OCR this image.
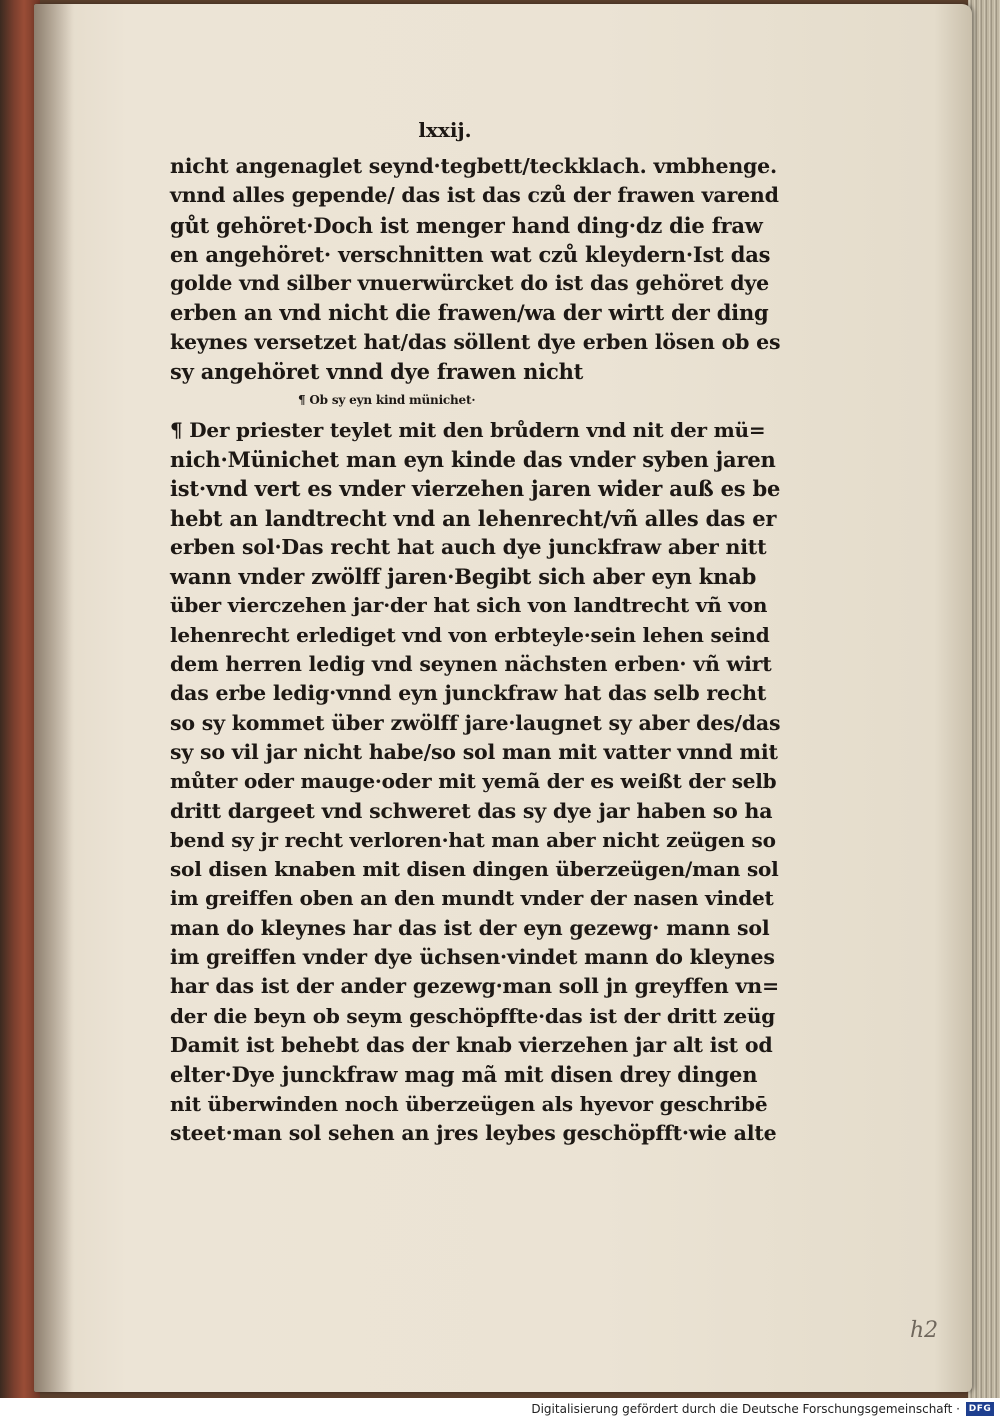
lxxij.
nicht angenaglet seynd·tegbett/teckklach. vmbhenge.
vnnd alles gepende/ das ist das czů der frawen varend
gůt gehöret·Doch ist menger hand ding·dz die fraw
en angehöret· verschnitten wat czů kleydern·Ist das
golde vnd silber vnuerwürcket do ist das gehöret dye
erben an vnd nicht die frawen/wa der wirtt der ding
keynes versetzet hat/das söllent dye erben lösen ob es
sy angehöret vnnd dye frawen nicht
¶ Ob sy eyn kind münichet·
¶ Der priester teylet mit den brůdern vnd nit der mü=
nich·Münichet man eyn kinde das vnder syben jaren
ist·vnd vert es vnder vierzehen jaren wider auß es be
hebt an landtrecht vnd an lehenrecht/vñ alles das er
erben sol·Das recht hat auch dye junckfraw aber nitt
wann vnder zwölff jaren·Begibt sich aber eyn knab
über vierczehen jar·der hat sich von landtrecht vñ von
lehenrecht erlediget vnd von erbteyle·sein lehen seind
dem herren ledig vnd seynen nächsten erben· vñ wirt
das erbe ledig·vnnd eyn junckfraw hat das selb recht
so sy kommet über zwölff jare·laugnet sy aber des/das
sy so vil jar nicht habe/so sol man mit vatter vnnd mit
můter oder mauge·oder mit yemã der es weißt der selb
dritt dargeet vnd schweret das sy dye jar haben so ha
bend sy jr recht verloren·hat man aber nicht zeügen so
sol disen knaben mit disen dingen überzeügen/man sol
im greiffen oben an den mundt vnder der nasen vindet
man do kleynes har das ist der eyn gezewg· mann sol
im greiffen vnder dye üchsen·vindet mann do kleynes
har das ist der ander gezewg·man soll jn greyffen vn=
der die beyn ob seym geschöpffte·das ist der dritt zeüg
Damit ist behebt das der knab vierzehen jar alt ist od
elter·Dye junckfraw mag mã mit disen drey dingen
nit überwinden noch überzeügen als hyevor geschribē
steet·man sol sehen an jres leybes geschöpfft·wie alte
h2
Digitalisierung gefördert durch die Deutsche Forschungsgemeinschaft · DFG
